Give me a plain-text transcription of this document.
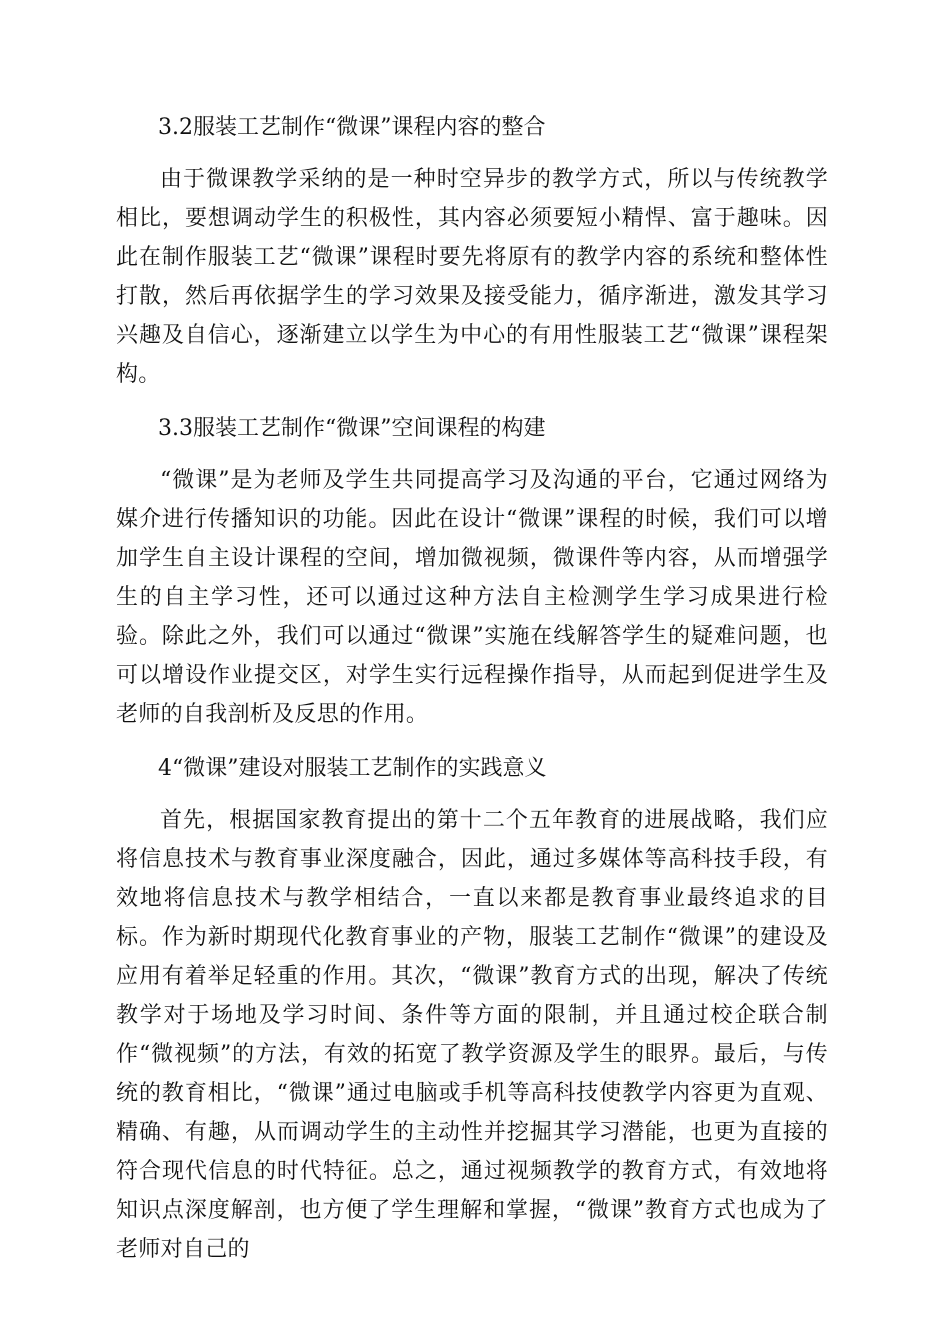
3.2服装工艺制作“微课”课程内容的整合

由于微课教学采纳的是一种时空异步的教学方式，所以与传统教学相比，要想调动学生的积极性，其内容必须要短小精悍、富于趣味。因此在制作服装工艺“微课”课程时要先将原有的教学内容的系统和整体性打散，然后再依据学生的学习效果及接受能力，循序渐进，激发其学习兴趣及自信心，逐渐建立以学生为中心的有用性服装工艺“微课”课程架构。

3.3服装工艺制作“微课”空间课程的构建

“微课”是为老师及学生共同提高学习及沟通的平台，它通过网络为媒介进行传播知识的功能。因此在设计“微课”课程的时候，我们可以增加学生自主设计课程的空间，增加微视频，微课件等内容，从而增强学生的自主学习性，还可以通过这种方法自主检测学生学习成果进行检验。除此之外，我们可以通过“微课”实施在线解答学生的疑难问题，也可以增设作业提交区，对学生实行远程操作指导，从而起到促进学生及老师的自我剖析及反思的作用。

4“微课”建设对服装工艺制作的实践意义

首先，根据国家教育提出的第十二个五年教育的进展战略，我们应将信息技术与教育事业深度融合，因此，通过多媒体等高科技手段，有效地将信息技术与教学相结合，一直以来都是教育事业最终追求的目标。作为新时期现代化教育事业的产物，服装工艺制作“微课”的建设及应用有着举足轻重的作用。其次，“微课”教育方式的出现，解决了传统教学对于场地及学习时间、条件等方面的限制，并且通过校企联合制作“微视频”的方法，有效的拓宽了教学资源及学生的眼界。最后，与传统的教育相比，“微课”通过电脑或手机等高科技使教学内容更为直观、精确、有趣，从而调动学生的主动性并挖掘其学习潜能，也更为直接的符合现代信息的时代特征。总之，通过视频教学的教育方式，有效地将知识点深度解剖，也方便了学生理解和掌握，“微课”教育方式也成为了老师对自己的
